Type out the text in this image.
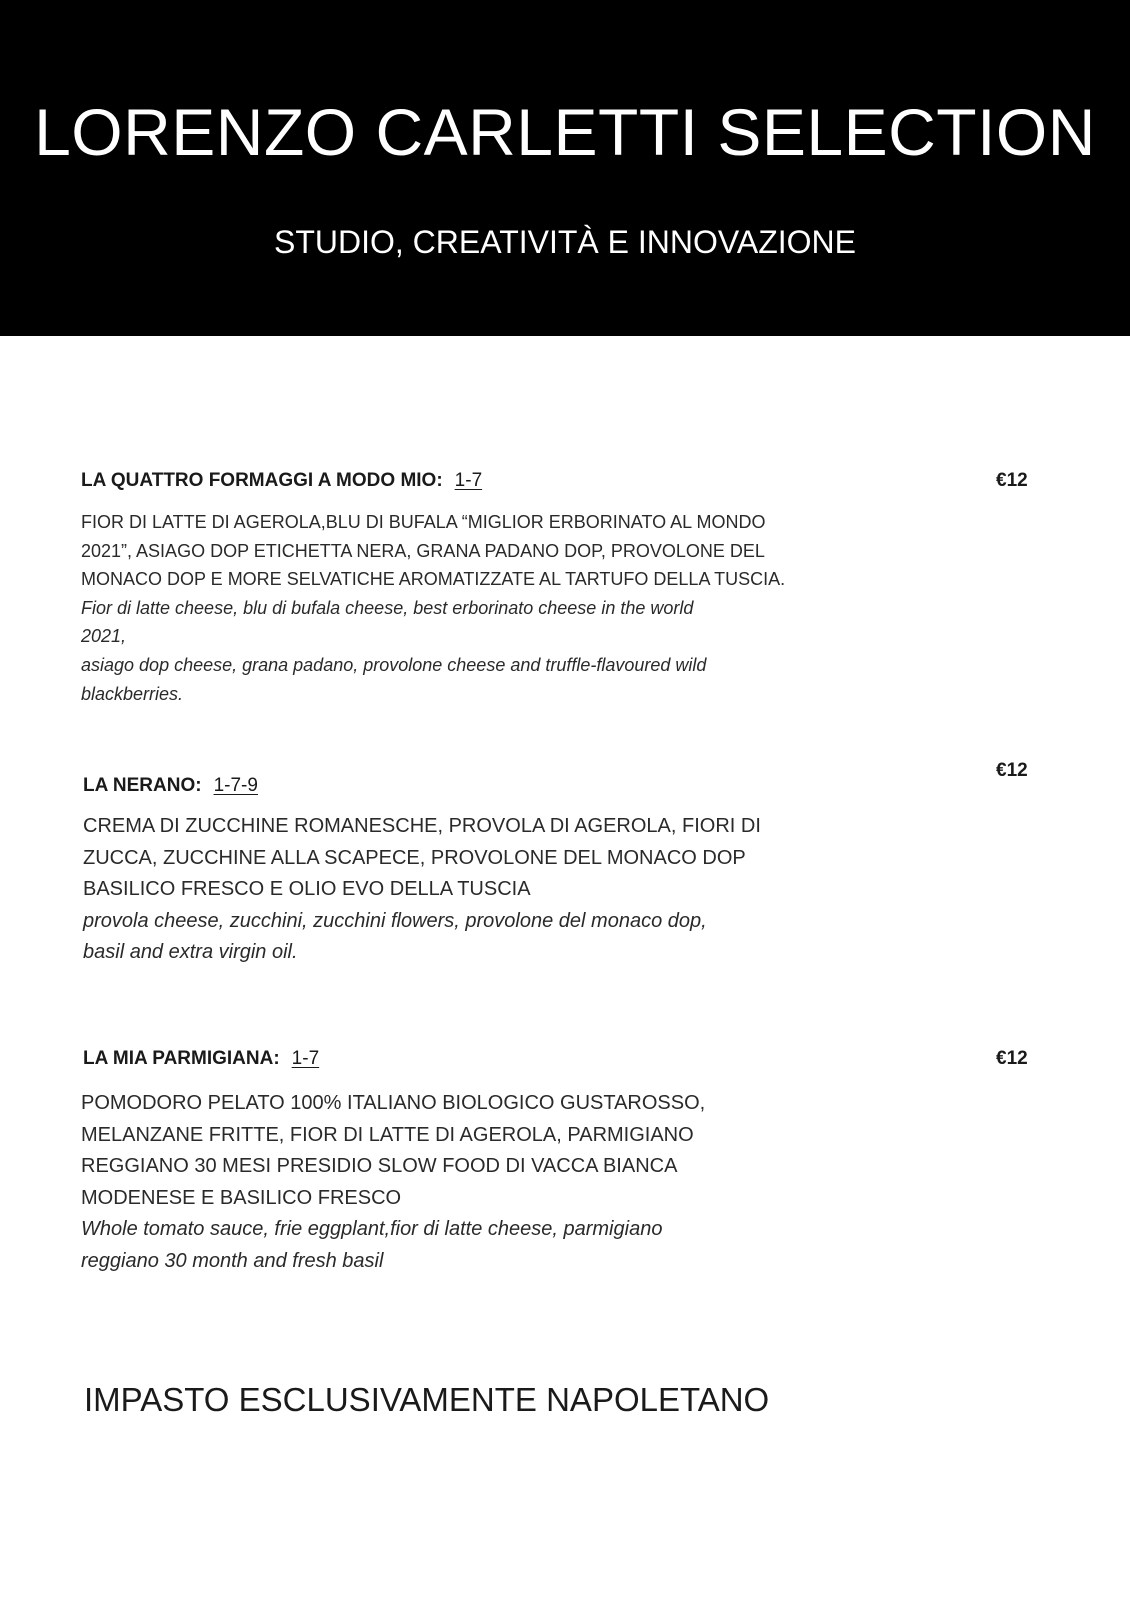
LORENZO CARLETTI SELECTION
STUDIO, CREATIVITÀ E INNOVAZIONE
LA QUATTRO FORMAGGI A MODO MIO: 1-7	€12
FIOR DI LATTE DI AGEROLA,BLU DI BUFALA “MIGLIOR ERBORINATO AL MONDO
2021”, ASIAGO DOP ETICHETTA NERA, GRANA PADANO DOP, PROVOLONE DEL
MONACO DOP E MORE SELVATICHE AROMATIZZATE AL TARTUFO DELLA TUSCIA.
Fior di latte cheese, blu di bufala cheese, best erborinato cheese in the world
2021,
asiago dop cheese, grana padano, provolone cheese and truffle-flavoured wild
blackberries.
LA NERANO: 1-7-9
€12
CREMA DI ZUCCHINE ROMANESCHE, PROVOLA DI AGEROLA, FIORI DI
ZUCCA, ZUCCHINE ALLA SCAPECE, PROVOLONE DEL MONACO DOP
BASILICO FRESCO E OLIO EVO DELLA TUSCIA
provola cheese, zucchini, zucchini flowers, provolone del monaco dop,
basil and extra virgin oil.
LA MIA PARMIGIANA: 1-7	€12
POMODORO PELATO 100% ITALIANO BIOLOGICO GUSTAROSSO,
MELANZANE FRITTE, FIOR DI LATTE DI AGEROLA, PARMIGIANO
REGGIANO 30 MESI PRESIDIO SLOW FOOD DI VACCA BIANCA
MODENESE E BASILICO FRESCO
Whole tomato sauce, frie eggplant,fior di latte cheese, parmigiano
reggiano 30 month and fresh basil
IMPASTO ESCLUSIVAMENTE NAPOLETANO
